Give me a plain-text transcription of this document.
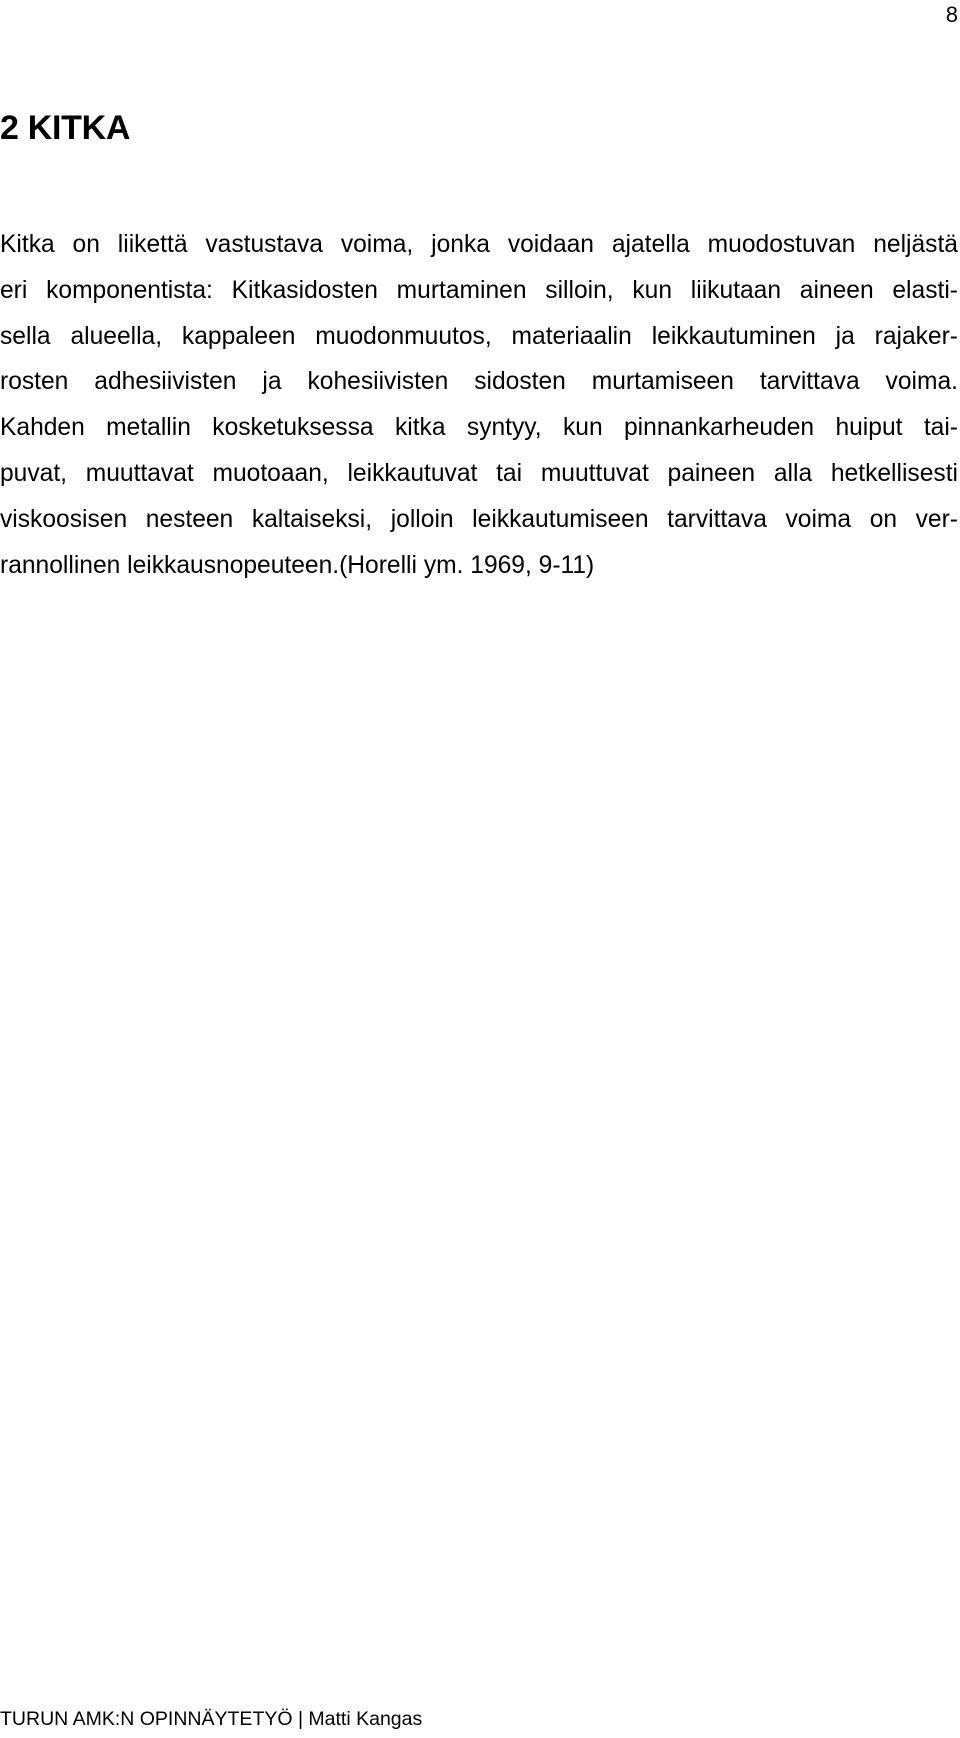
8
2 KITKA

Kitka on liikettä vastustava voima, jonka voidaan ajatella muodostuvan neljästä
eri komponentista: Kitkasidosten murtaminen silloin, kun liikutaan aineen elasti-
sella alueella, kappaleen muodonmuutos, materiaalin leikkautuminen ja rajaker-
rosten adhesiivisten ja kohesiivisten sidosten murtamiseen tarvittava voima.
Kahden metallin kosketuksessa kitka syntyy, kun pinnankarheuden huiput tai-
puvat, muuttavat muotoaan, leikkautuvat tai muuttuvat paineen alla hetkellisesti
viskoosisen nesteen kaltaiseksi, jolloin leikkautumiseen tarvittava voima on ver-
rannollinen leikkausnopeuteen.(Horelli ym. 1969, 9-11)

TURUN AMK:N OPINNÄYTETYÖ | Matti Kangas
